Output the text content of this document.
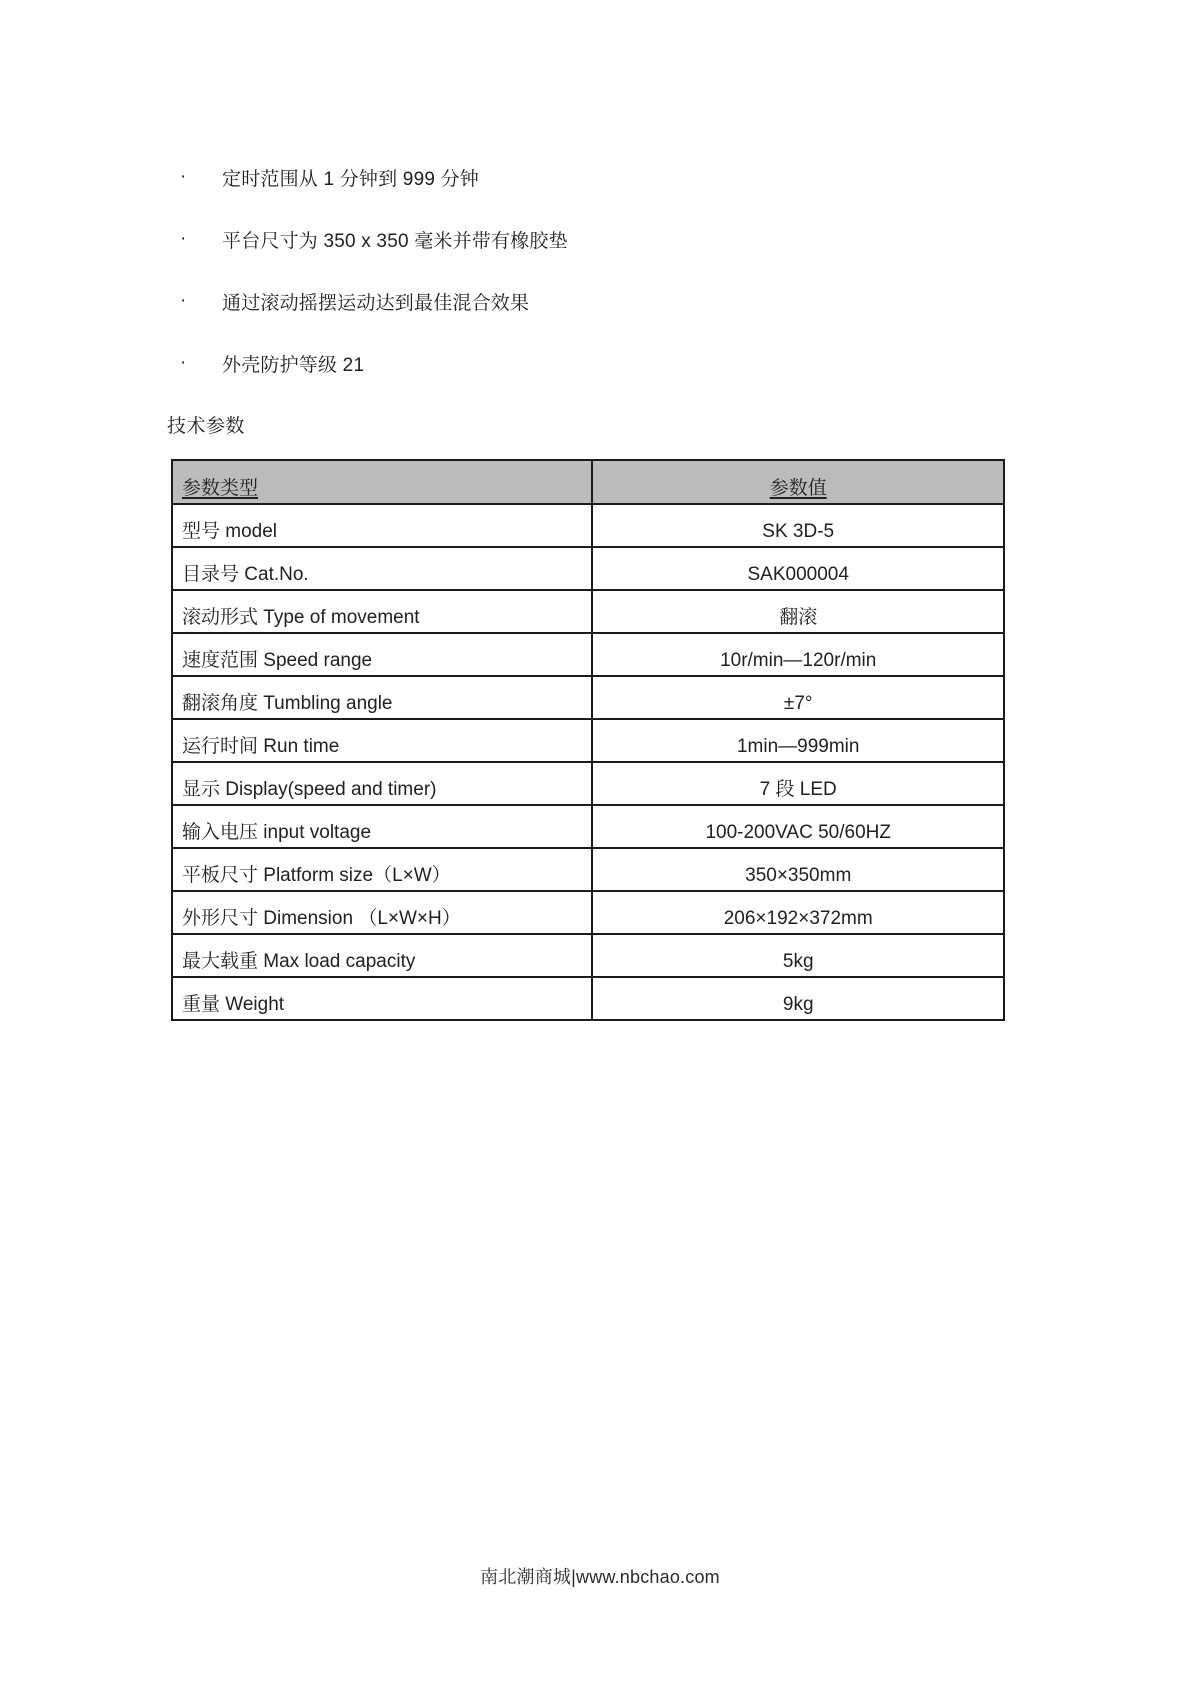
·	定时范围从 1 分钟到 999 分钟
·	平台尺寸为 350 x 350 毫米并带有橡胶垫
·	通过滚动摇摆运动达到最佳混合效果
·	外壳防护等级 21
技术参数
参数类型	参数值
型号 model	SK 3D-5
目录号 Cat.No.	SAK000004
滚动形式 Type of movement	翻滚
速度范围 Speed range	10r/min—120r/min
翻滚角度 Tumbling angle	±7°
运行时间 Run time	1min—999min
显示 Display(speed and timer)	7 段 LED
输入电压 input voltage	100-200VAC 50/60HZ
平板尺寸 Platform size（L×W）	350×350mm
外形尺寸 Dimension （L×W×H）	206×192×372mm
最大载重 Max load capacity	5kg
重量 Weight	9kg
南北潮商城|www.nbchao.com
